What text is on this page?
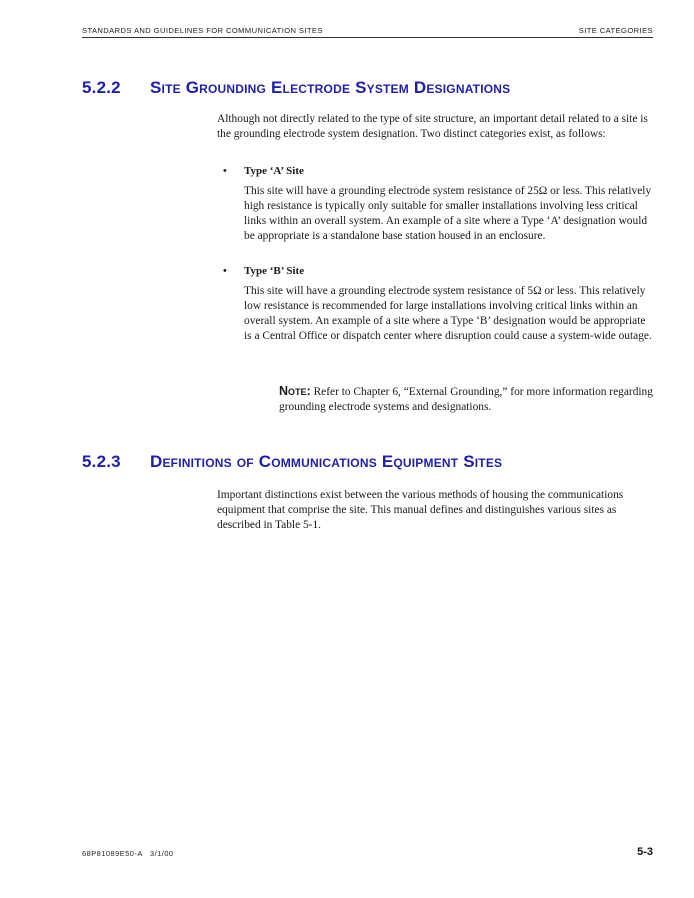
STANDARDS AND GUIDELINES FOR COMMUNICATION SITES	SITE CATEGORIES
5.2.2 Site Grounding Electrode System Designations

Although not directly related to the type of site structure, an important detail related to a site is the grounding electrode system designation. Two distinct categories exist, as follows:

• Type ‘A’ Site

This site will have a grounding electrode system resistance of 25Ω or less. This relatively high resistance is typically only suitable for smaller installations involving less critical links within an overall system. An example of a site where a Type ‘A’ designation would be appropriate is a standalone base station housed in an enclosure.

• Type ‘B’ Site

This site will have a grounding electrode system resistance of 5Ω or less. This relatively low resistance is recommended for large installations involving critical links within an overall system. An example of a site where a Type ‘B’ designation would be appropriate is a Central Office or dispatch center where disruption could cause a system-wide outage.

Note: Refer to Chapter 6, “External Grounding,” for more information regarding grounding electrode systems and designations.
5.2.3 Definitions of Communications Equipment Sites

Important distinctions exist between the various methods of housing the communications equipment that comprise the site. This manual defines and distinguishes various sites as described in Table 5-1.

68P81089E50-A   3/1/00	5-3
